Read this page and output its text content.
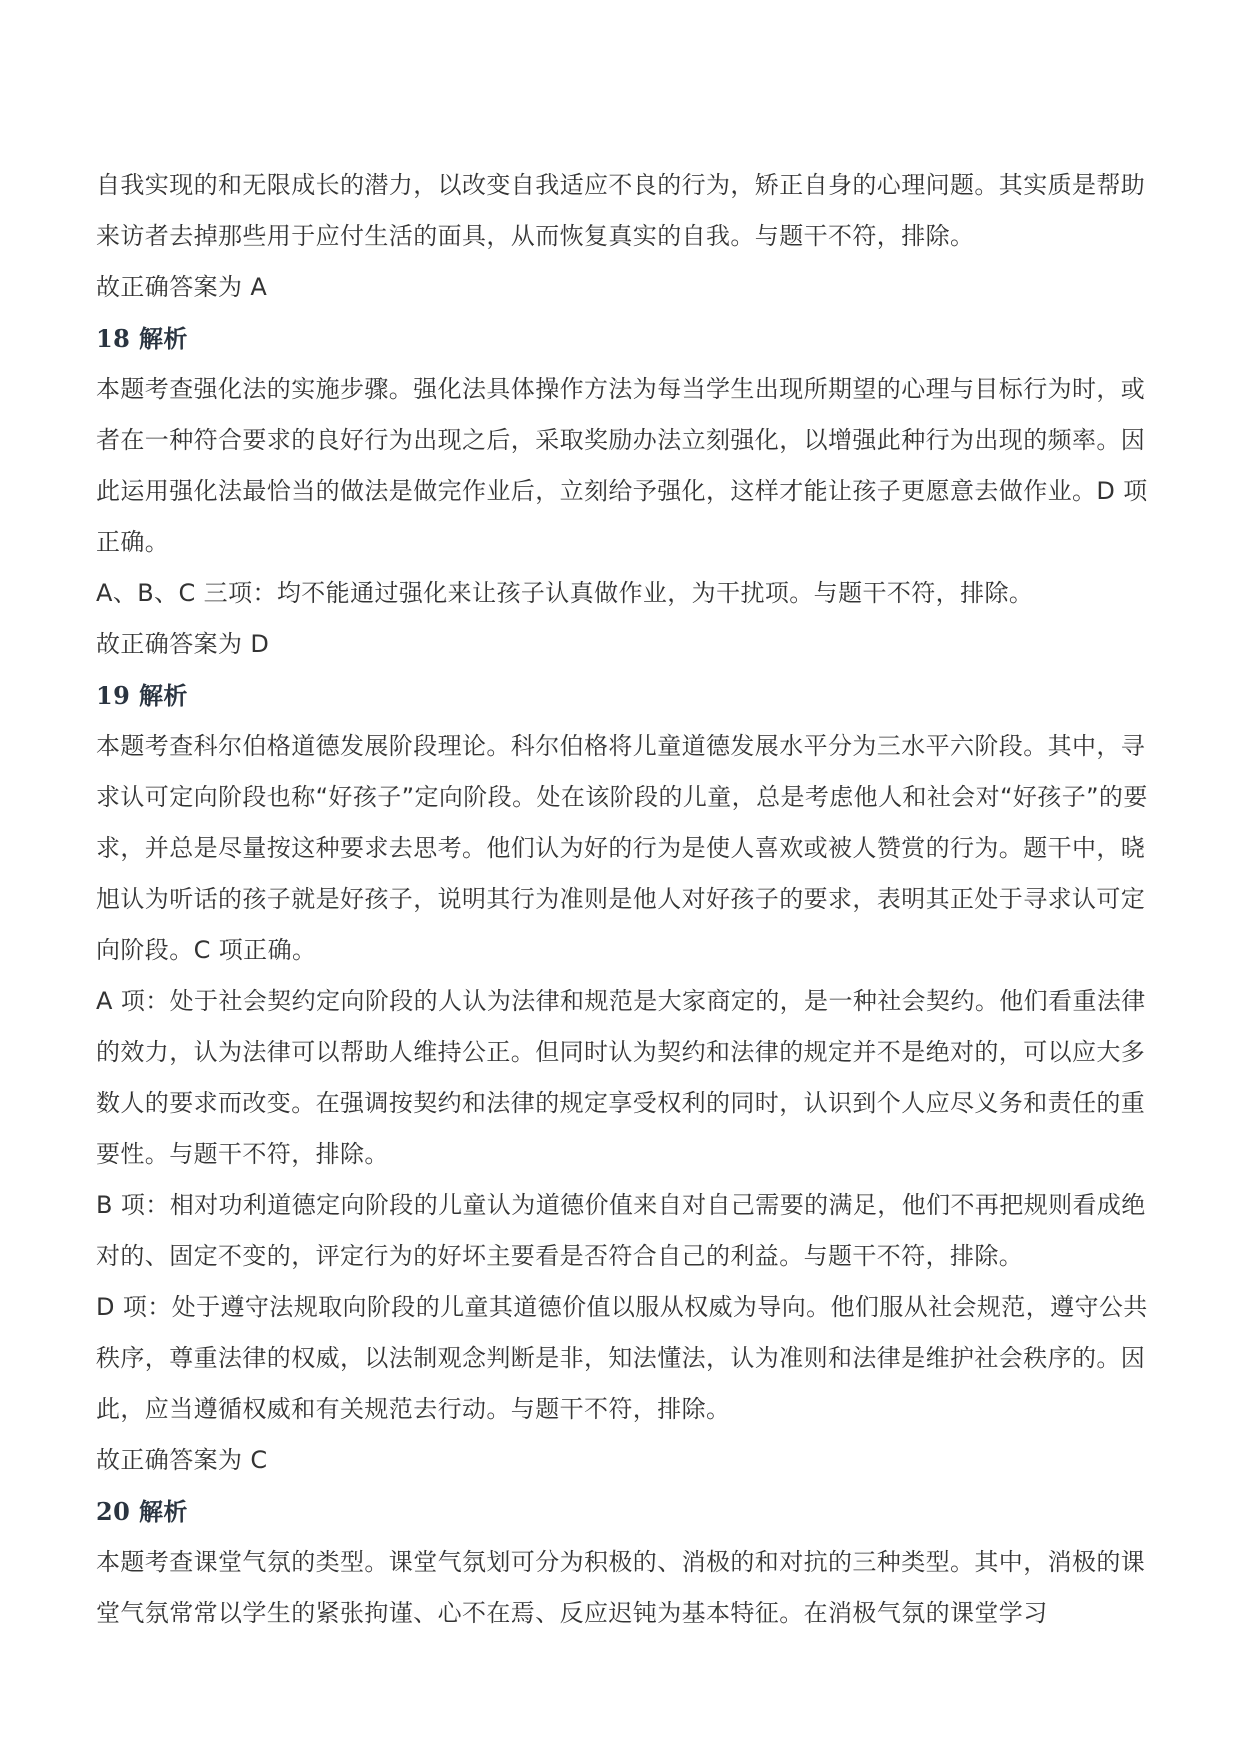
自我实现的和无限成长的潜力，以改变自我适应不良的行为，矫正自身的心理问题。其实质是帮助来访者去掉那些用于应付生活的面具，从而恢复真实的自我。与题干不符，排除。

故正确答案为 A

18 解析

本题考查强化法的实施步骤。强化法具体操作方法为每当学生出现所期望的心理与目标行为时，或者在一种符合要求的良好行为出现之后，采取奖励办法立刻强化，以增强此种行为出现的频率。因此运用强化法最恰当的做法是做完作业后，立刻给予强化，这样才能让孩子更愿意去做作业。D 项正确。

A、B、C 三项：均不能通过强化来让孩子认真做作业，为干扰项。与题干不符，排除。

故正确答案为 D

19 解析

本题考查科尔伯格道德发展阶段理论。科尔伯格将儿童道德发展水平分为三水平六阶段。其中，寻求认可定向阶段也称“好孩子”定向阶段。处在该阶段的儿童，总是考虑他人和社会对“好孩子”的要求，并总是尽量按这种要求去思考。他们认为好的行为是使人喜欢或被人赞赏的行为。题干中，晓旭认为听话的孩子就是好孩子，说明其行为准则是他人对好孩子的要求，表明其正处于寻求认可定向阶段。C 项正确。

A 项：处于社会契约定向阶段的人认为法律和规范是大家商定的，是一种社会契约。他们看重法律的效力，认为法律可以帮助人维持公正。但同时认为契约和法律的规定并不是绝对的，可以应大多数人的要求而改变。在强调按契约和法律的规定享受权利的同时，认识到个人应尽义务和责任的重要性。与题干不符，排除。

B 项：相对功利道德定向阶段的儿童认为道德价值来自对自己需要的满足，他们不再把规则看成绝对的、固定不变的，评定行为的好坏主要看是否符合自己的利益。与题干不符，排除。

D 项：处于遵守法规取向阶段的儿童其道德价值以服从权威为导向。他们服从社会规范，遵守公共秩序，尊重法律的权威，以法制观念判断是非，知法懂法，认为准则和法律是维护社会秩序的。因此，应当遵循权威和有关规范去行动。与题干不符，排除。

故正确答案为 C

20 解析

本题考查课堂气氛的类型。课堂气氛划可分为积极的、消极的和对抗的三种类型。其中，消极的课堂气氛常常以学生的紧张拘谨、心不在焉、反应迟钝为基本特征。在消极气氛的课堂学习
